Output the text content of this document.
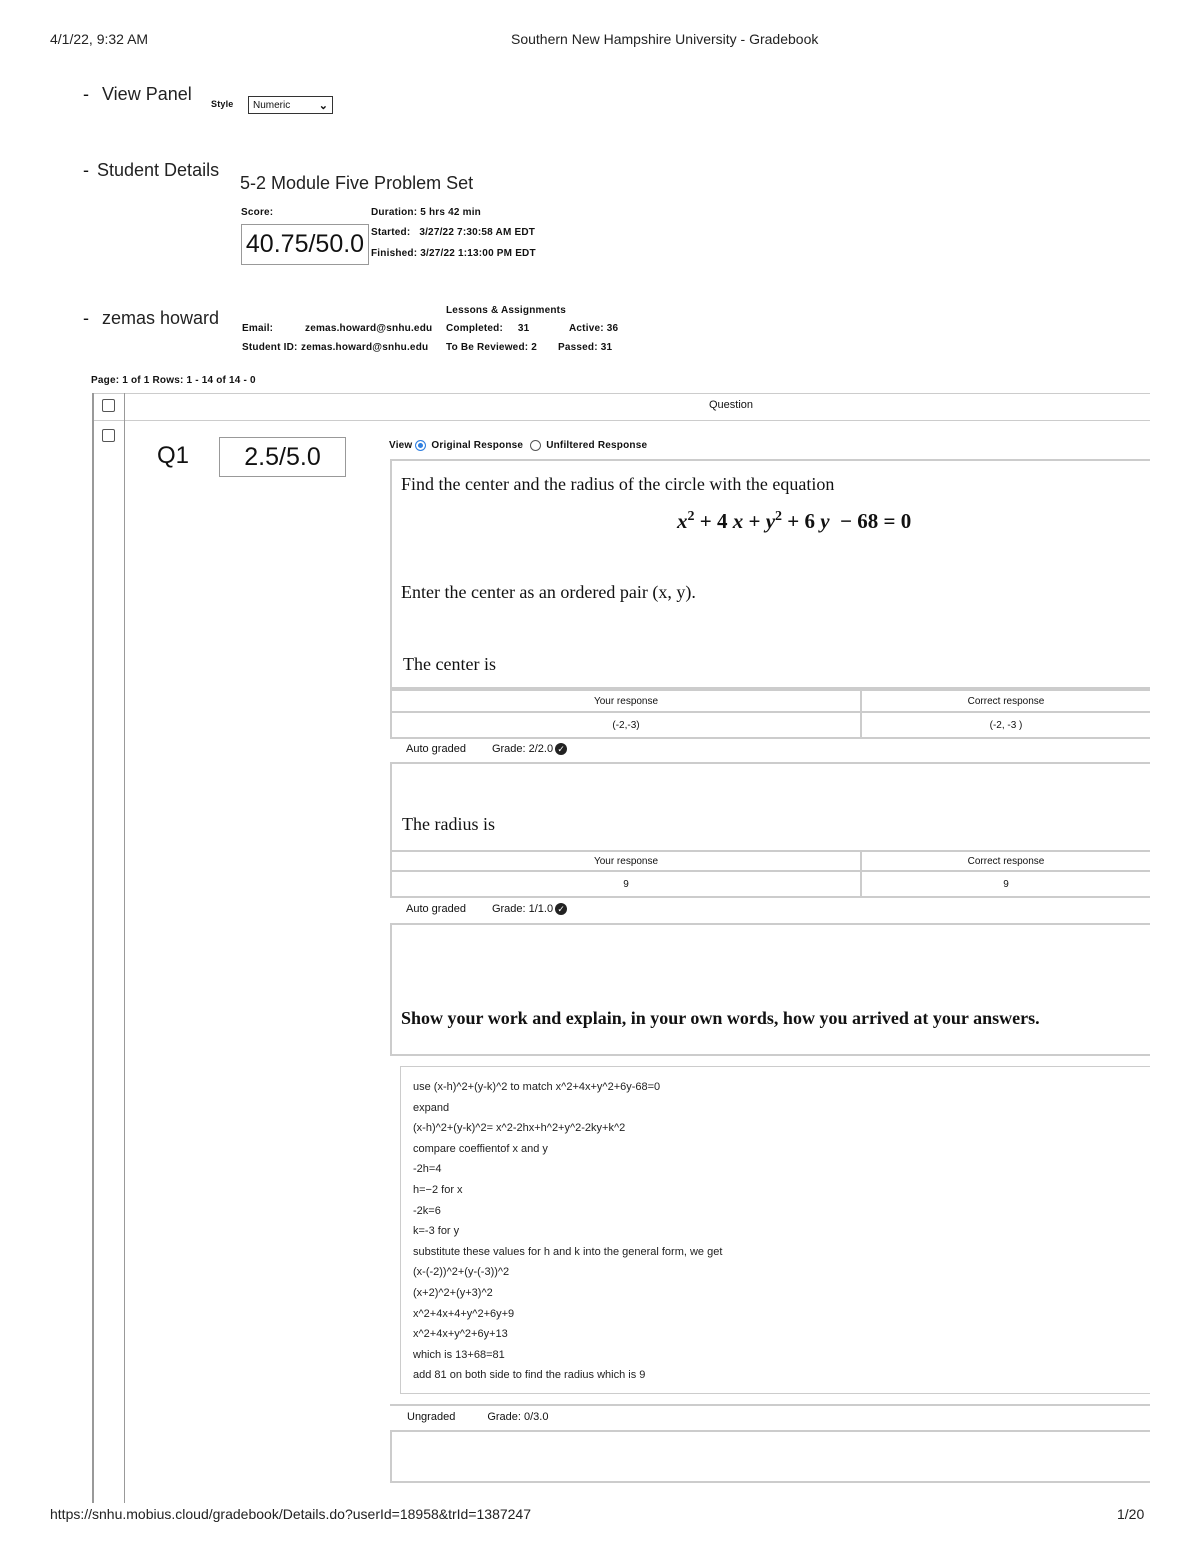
4/1/22, 9:32 AM	Southern New Hampshire University - Gradebook
- View Panel Style Numeric	⌄
- Student Details
5-2 Module Five Problem Set
Score:
40.75/50.0
Duration: 5 hrs 42 min
Started:   3/27/22 7:30:58 AM EDT
Finished: 3/27/22 1:13:00 PM EDT
- zemas howard	Lessons & Assignments
Email:	zemas.howard@snhu.edu Completed:     31	Active: 36
Student ID: zemas.howard@snhu.edu To Be Reviewed: 2 Passed: 31
Page: 1 of 1 Rows: 1 - 14 of 14 - 0
Question
Q1	2.5/5.0	View Original Response Unfiltered Response
Find the center and the radius of the circle with the equation
$x^2 + 4$ $x + y^2 + 6$ y  − 68 = 0
Enter the center as an ordered pair (x, y).
The center is
Your response	Correct response
(-2,-3)	(-2, -3 )
Auto graded Grade: 2/2.0 ✓
The radius is
Your response	Correct response
9	9
Auto graded Grade: 1/1.0 ✓
Show your work and explain, in your own words, how you arrived at your answers.
use (x-h)^2+(y-k)^2 to match x^2+4x+y^2+6y-68=0
expand
(x-h)^2+(y-k)^2= x^2-2hx+h^2+y^2-2ky+k^2
compare coeffientof x and y
-2h=4
h=−2 for x
-2k=6
k=-3 for y
substitute these values for h and k into the general form, we get
(x-(-2))^2+(y-(-3))^2
(x+2)^2+(y+3)^2
x^2+4x+4+y^2+6y+9
x^2+4x+y^2+6y+13
which is 13+68=81
add 81 on both side to find the radius which is 9
Ungraded	Grade: 0/3.0
https://snhu.mobius.cloud/gradebook/Details.do?userId=18958&trId=1387247	1/20
